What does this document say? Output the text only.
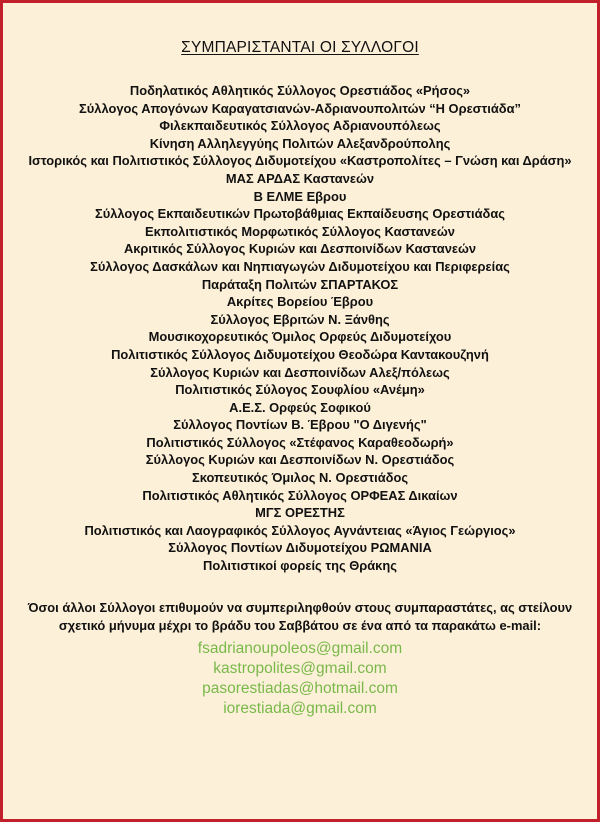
ΣΥΜΠΑΡΙΣΤΑΝΤΑΙ ΟΙ ΣΥΛΛΟΓΟΙ
Ποδηλατικός Αθλητικός Σύλλογος Ορεστιάδος «Ρήσος»
Σύλλογος Απογόνων Καραγατσιανών-Αδριανουπολιτών “Η Ορεστιάδα”
Φιλεκπαιδευτικός Σύλλογος Αδριανουπόλεως
Κίνηση Αλληλεγγύης Πολιτών Αλεξανδρούπολης
Ιστορικός και Πολιτιστικός Σύλλογος Διδυμοτείχου «Καστροπολίτες – Γνώση και Δράση»
ΜΑΣ ΑΡΔΑΣ Καστανεών
Β ΕΛΜΕ Εβρου
Σύλλογος Εκπαιδευτικών Πρωτοβάθμιας Εκπαίδευσης Ορεστιάδας
Εκπολιτιστικός Μορφωτικός Σύλλογος Καστανεών
Ακριτικός Σύλλογος Κυριών και Δεσποινίδων Καστανεών
Σύλλογος Δασκάλων και Νηπιαγωγών Διδυμοτείχου και Περιφερείας
Παράταξη Πολιτών ΣΠΑΡΤΑΚΟΣ
Ακρίτες Βορείου Έβρου
Σύλλογος Εβριτών Ν. Ξάνθης
Μουσικοχορευτικός Όμιλος Ορφεύς Διδυμοτείχου
Πολιτιστικός Σύλλογος Διδυμοτείχου Θεοδώρα Καντακουζηνή
Σύλλογος Κυριών και Δεσποινίδων Αλεξ/πόλεως
Πολιτιστικός Σύλογος Σουφλίου «Ανέμη»
Α.Ε.Σ. Ορφεύς Σοφικού
Σύλλογος Ποντίων Β. Έβρου "Ο Διγενής"
Πολιτιστικός Σύλλογος «Στέφανος Καραθεοδωρή»
Σύλλογος Κυριών και Δεσποινίδων Ν. Ορεστιάδος
Σκοπευτικός Όμιλος Ν. Ορεστιάδος
Πολιτιστικός Αθλητικός Σύλλογος ΟΡΦΕΑΣ Δικαίων
ΜΓΣ ΟΡΕΣΤΗΣ
Πολιτιστικός και Λαογραφικός Σύλλογος Αγνάντειας «Άγιος Γεώργιος»
Σύλλογος Ποντίων Διδυμοτείχου ΡΩΜΑΝΙΑ
Πολιτιστικοί φορείς της Θράκης

Όσοι άλλοι Σύλλογοι επιθυμούν να συμπεριληφθούν στους συμπαραστάτες, ας στείλουν σχετικό μήνυμα μέχρι το βράδυ του Σαββάτου σε ένα από τα παρακάτω e-mail:

fsadrianoupoleos@gmail.com
kastropolites@gmail.com
pasorestiadas@hotmail.com
iorestiada@gmail.com
